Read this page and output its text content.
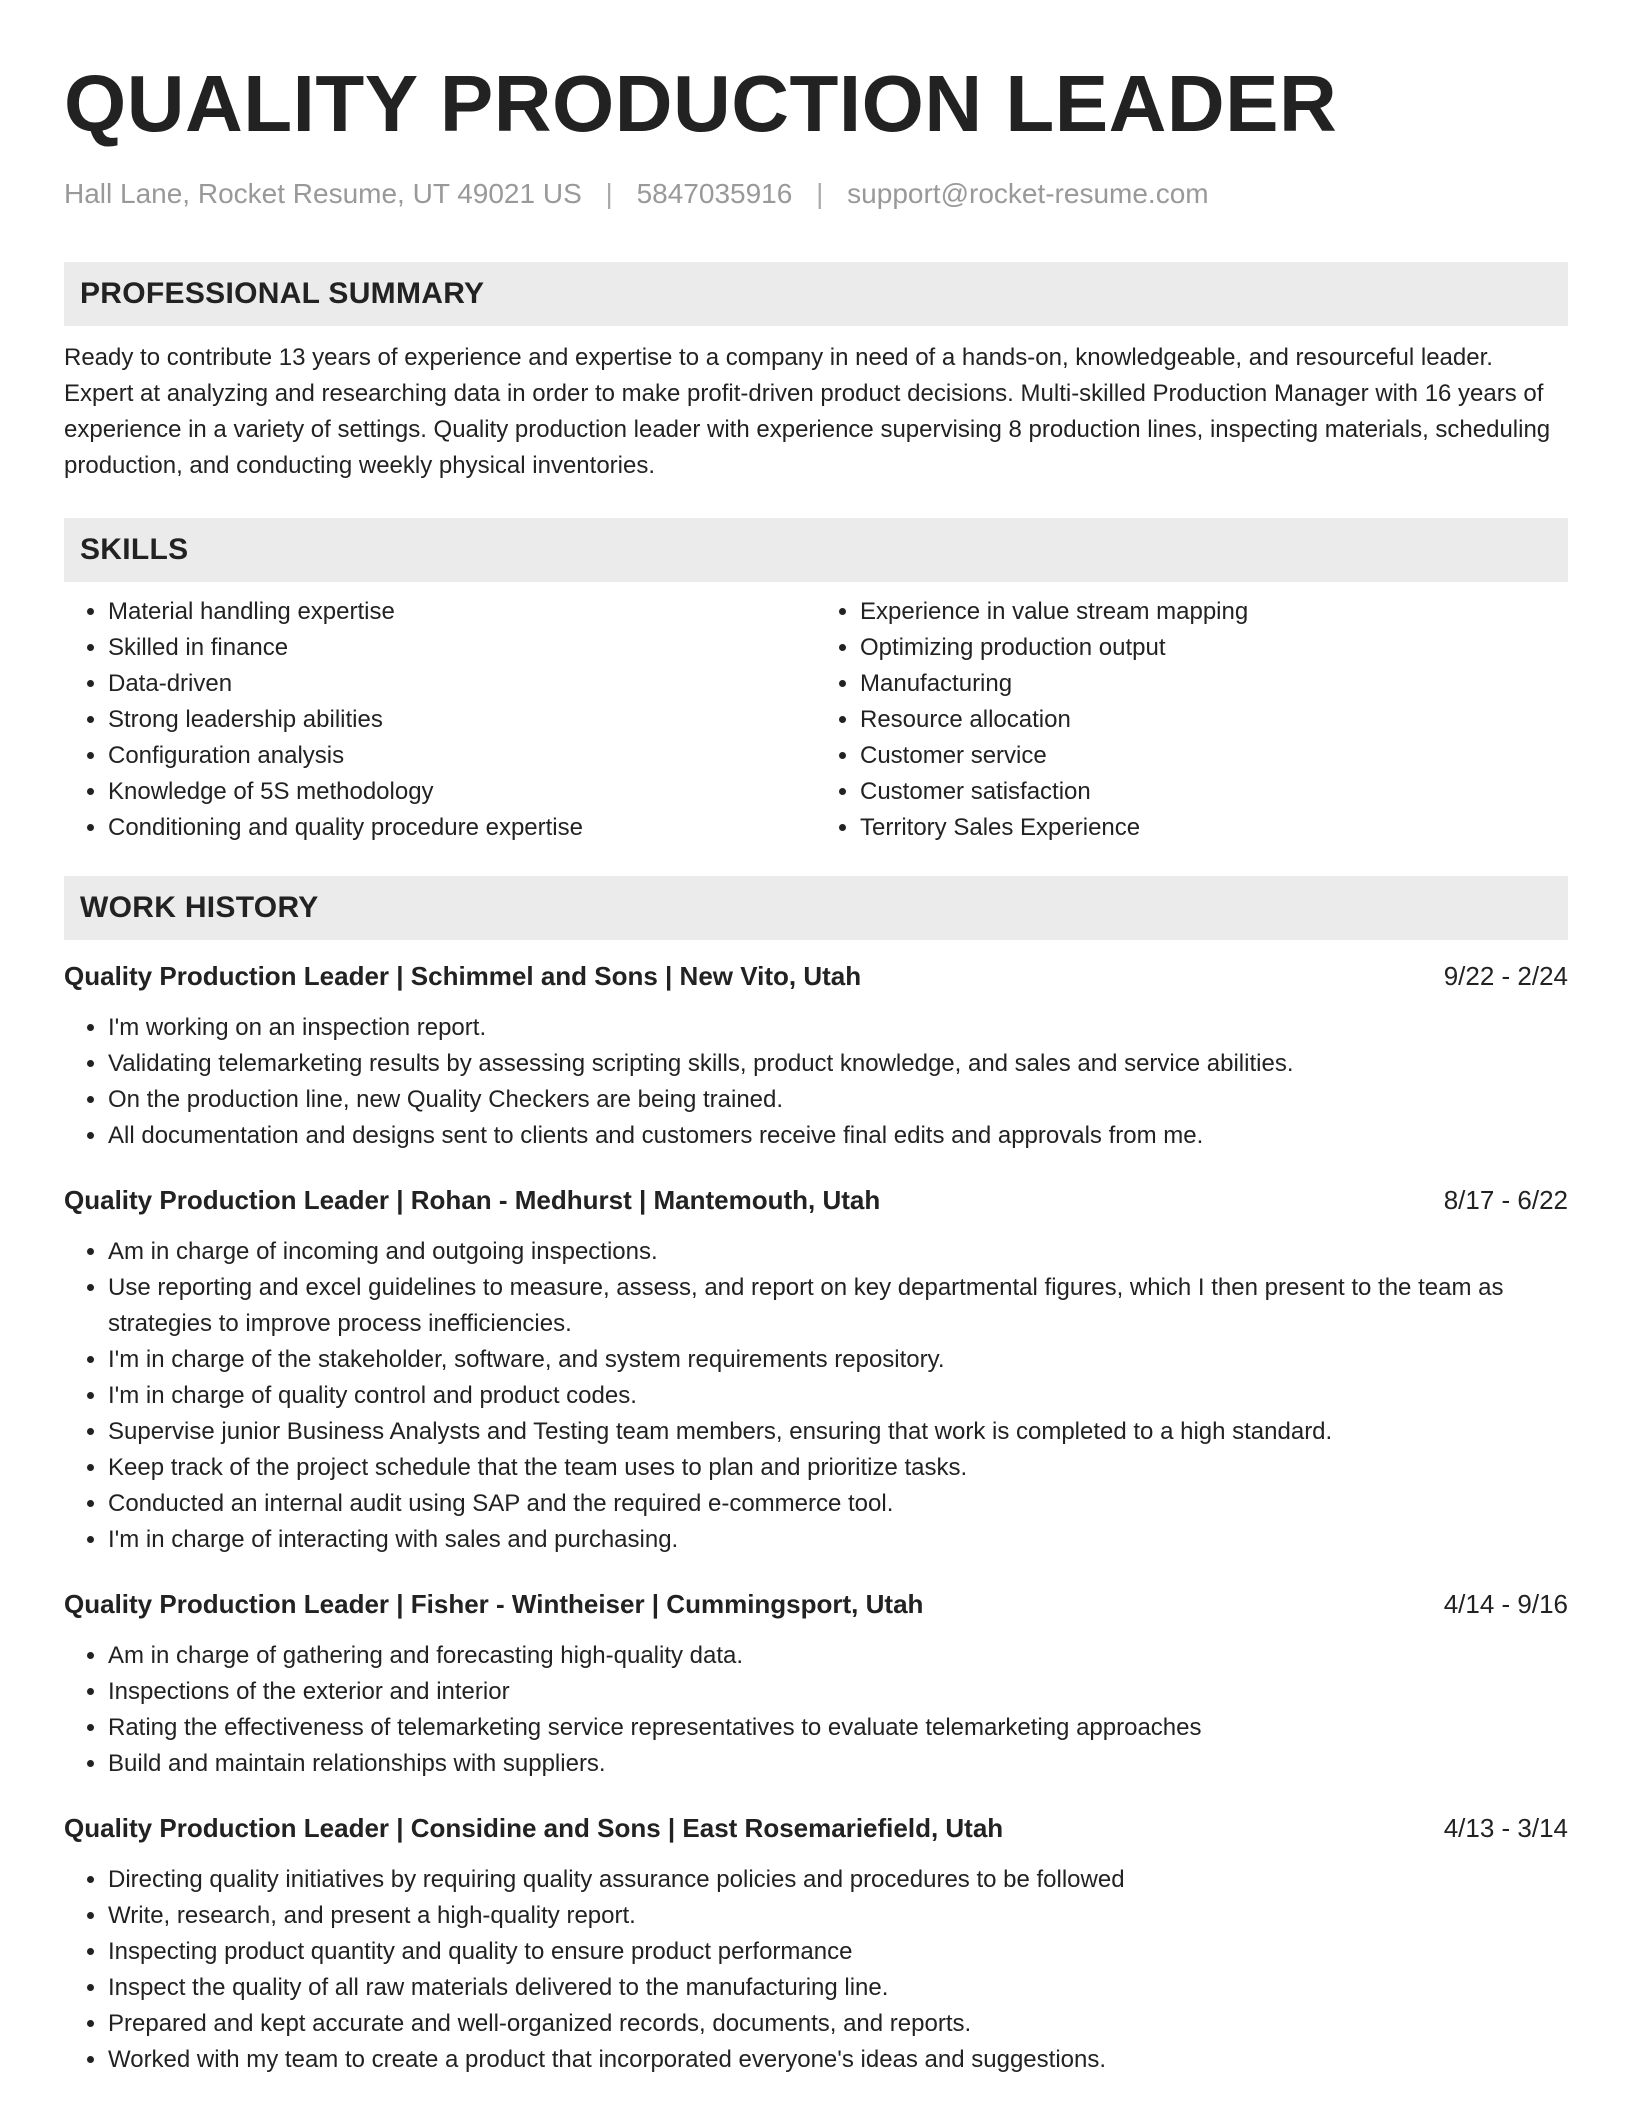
QUALITY PRODUCTION LEADER
Hall Lane, Rocket Resume, UT 49021 US | 5847035916 | support@rocket-resume.com
PROFESSIONAL SUMMARY
Ready to contribute 13 years of experience and expertise to a company in need of a hands-on, knowledgeable, and resourceful leader. Expert at analyzing and researching data in order to make profit-driven product decisions. Multi-skilled Production Manager with 16 years of experience in a variety of settings. Quality production leader with experience supervising 8 production lines, inspecting materials, scheduling production, and conducting weekly physical inventories.
SKILLS
• Material handling expertise
• Skilled in finance
• Data-driven
• Strong leadership abilities
• Configuration analysis
• Knowledge of 5S methodology
• Conditioning and quality procedure expertise
• Experience in value stream mapping
• Optimizing production output
• Manufacturing
• Resource allocation
• Customer service
• Customer satisfaction
• Territory Sales Experience
WORK HISTORY
Quality Production Leader | Schimmel and Sons | New Vito, Utah	9/22 - 2/24
• I'm working on an inspection report.
• Validating telemarketing results by assessing scripting skills, product knowledge, and sales and service abilities.
• On the production line, new Quality Checkers are being trained.
• All documentation and designs sent to clients and customers receive final edits and approvals from me.
Quality Production Leader | Rohan - Medhurst | Mantemouth, Utah	8/17 - 6/22
• Am in charge of incoming and outgoing inspections.
• Use reporting and excel guidelines to measure, assess, and report on key departmental figures, which I then present to the team as strategies to improve process inefficiencies.
• I'm in charge of the stakeholder, software, and system requirements repository.
• I'm in charge of quality control and product codes.
• Supervise junior Business Analysts and Testing team members, ensuring that work is completed to a high standard.
• Keep track of the project schedule that the team uses to plan and prioritize tasks.
• Conducted an internal audit using SAP and the required e-commerce tool.
• I'm in charge of interacting with sales and purchasing.
Quality Production Leader | Fisher - Wintheiser | Cummingsport, Utah	4/14 - 9/16
• Am in charge of gathering and forecasting high-quality data.
• Inspections of the exterior and interior
• Rating the effectiveness of telemarketing service representatives to evaluate telemarketing approaches
• Build and maintain relationships with suppliers.
Quality Production Leader | Considine and Sons | East Rosemariefield, Utah	4/13 - 3/14
• Directing quality initiatives by requiring quality assurance policies and procedures to be followed
• Write, research, and present a high-quality report.
• Inspecting product quantity and quality to ensure product performance
• Inspect the quality of all raw materials delivered to the manufacturing line.
• Prepared and kept accurate and well-organized records, documents, and reports.
• Worked with my team to create a product that incorporated everyone's ideas and suggestions.
